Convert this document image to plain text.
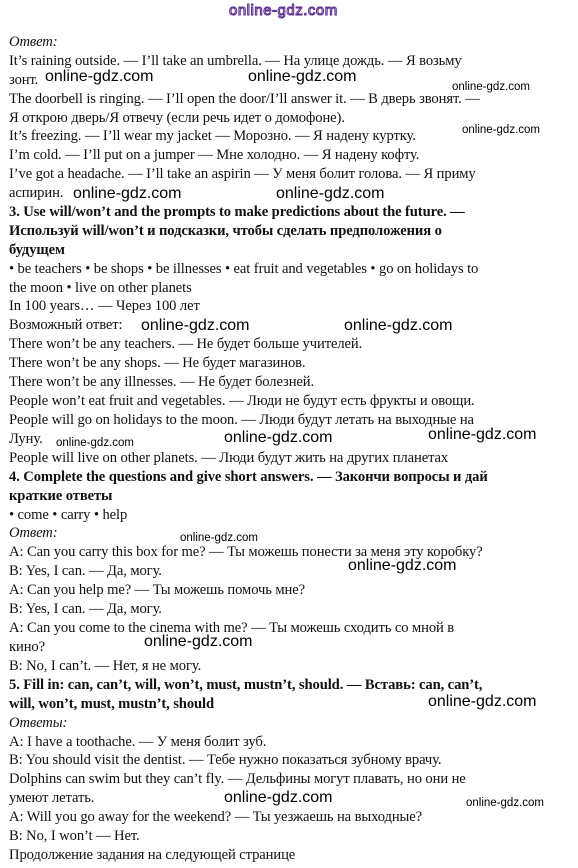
online-gdz.com
Ответ:
It’s raining outside. — I’ll take an umbrella. — На улице дождь. — Я возьму
зонт.
The doorbell is ringing. — I’ll open the door/I’ll answer it. — В дверь звонят. —
Я открою дверь/Я отвечу (если речь идет о домофоне).
It’s freezing. — I’ll wear my jacket — Морозно. — Я надену куртку.
I’m cold. — I’ll put on a jumper — Мне холодно. — Я надену кофту.
I’ve got a headache. — I’ll take an aspirin — У меня болит голова. — Я приму
аспирин.
3. Use will/won’t and the prompts to make predictions about the future. —
Используй will/won’t и подсказки, чтобы сделать предположения о
будущем
• be teachers • be shops • be illnesses • eat fruit and vegetables • go on holidays to
the moon • live on other planets
In 100 years… — Через 100 лет
Возможный ответ:
There won’t be any teachers. — Не будет больше учителей.
There won’t be any shops. — Не будет магазинов.
There won’t be any illnesses. — Не будет болезней.
People won’t eat fruit and vegetables. — Люди не будут есть фрукты и овощи.
People will go on holidays to the moon. — Люди будут летать на выходные на
Луну.
People will live on other planets. — Люди будут жить на других планетах
4. Complete the questions and give short answers. — Закончи вопросы и дай
краткие ответы
• come • carry • help
Ответ:
A: Can you carry this box for me? — Ты можешь понести за меня эту коробку?
B: Yes, I can. — Да, могу.
A: Can you help me? — Ты можешь помочь мне?
B: Yes, I can. — Да, могу.
A: Can you come to the cinema with me? — Ты можешь сходить со мной в
кино?
B: No, I can’t. — Нет, я не могу.
5. Fill in: can, can’t, will, won’t, must, mustn’t, should. — Вставь: can, can’t,
will, won’t, must, mustn’t, should
Ответы:
A: I have a toothache. — У меня болит зуб.
B: You should visit the dentist. — Тебе нужно показаться зубному врачу.
Dolphins can swim but they can’t fly. — Дельфины могут плавать, но они не
умеют летать.
A: Will you go away for the weekend? — Ты уезжаешь на выходные?
B: No, I won’t — Нет.
Продолжение задания на следующей странице
online-gdz.com	online-gdz.com
online-gdz.com
online-gdz.com
online-gdz.com	online-gdz.com
online-gdz.com	online-gdz.com
online-gdz.com	online-gdz.com	online-gdz.com
online-gdz.com
online-gdz.com
online-gdz.com
online-gdz.com
online-gdz.com	online-gdz.com
